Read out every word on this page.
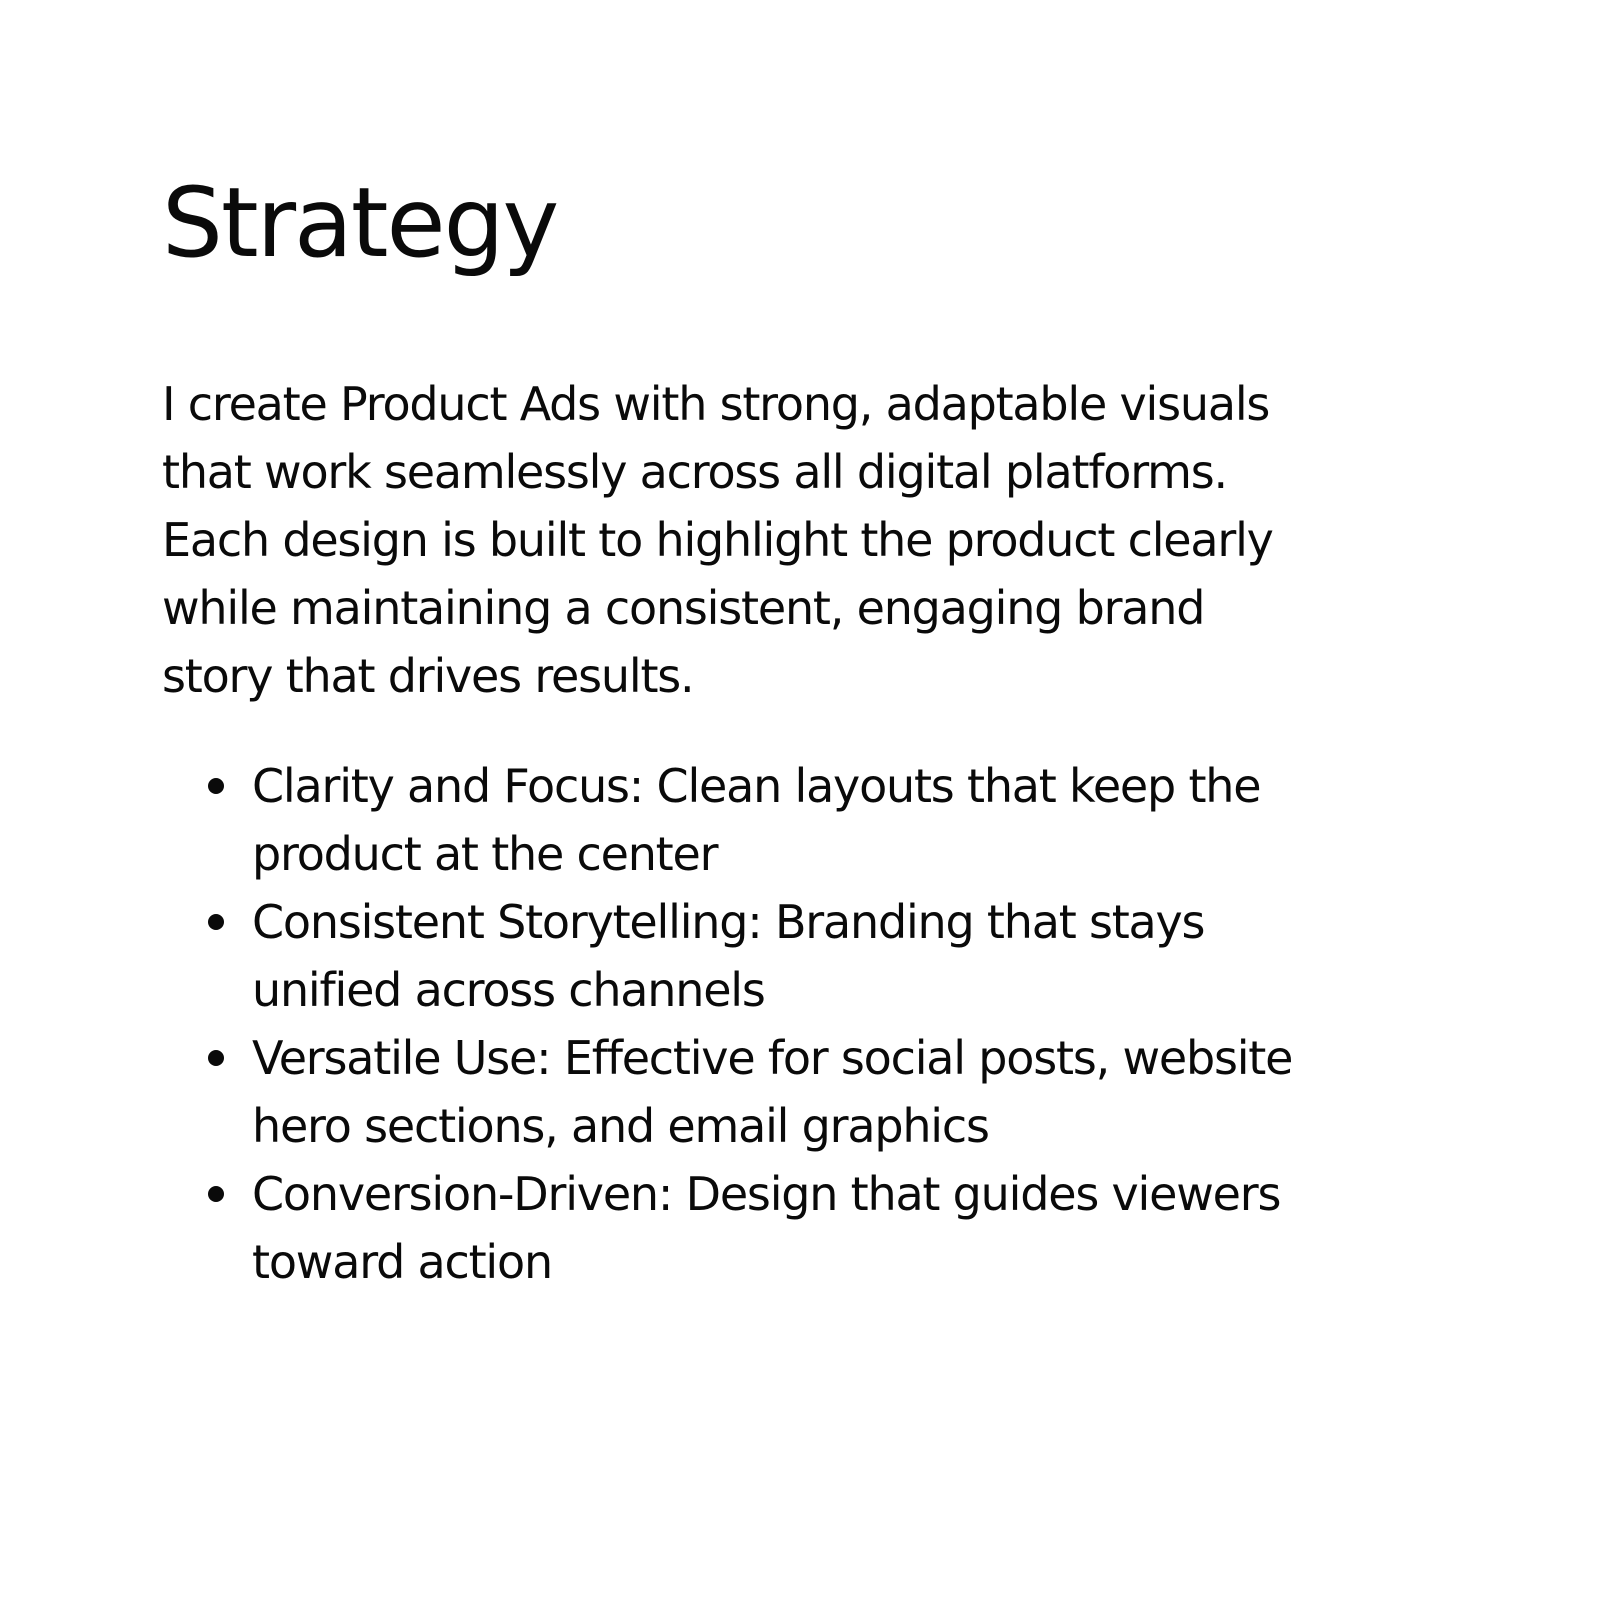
Strategy

I create Product Ads with strong, adaptable visuals
that work seamlessly across all digital platforms.
Each design is built to highlight the product clearly
while maintaining a consistent, engaging brand
story that drives results.

Clarity and Focus: Clean layouts that keep the
product at the center
Consistent Storytelling: Branding that stays
unified across channels
Versatile Use: Effective for social posts, website
hero sections, and email graphics
Conversion-Driven: Design that guides viewers
toward action
